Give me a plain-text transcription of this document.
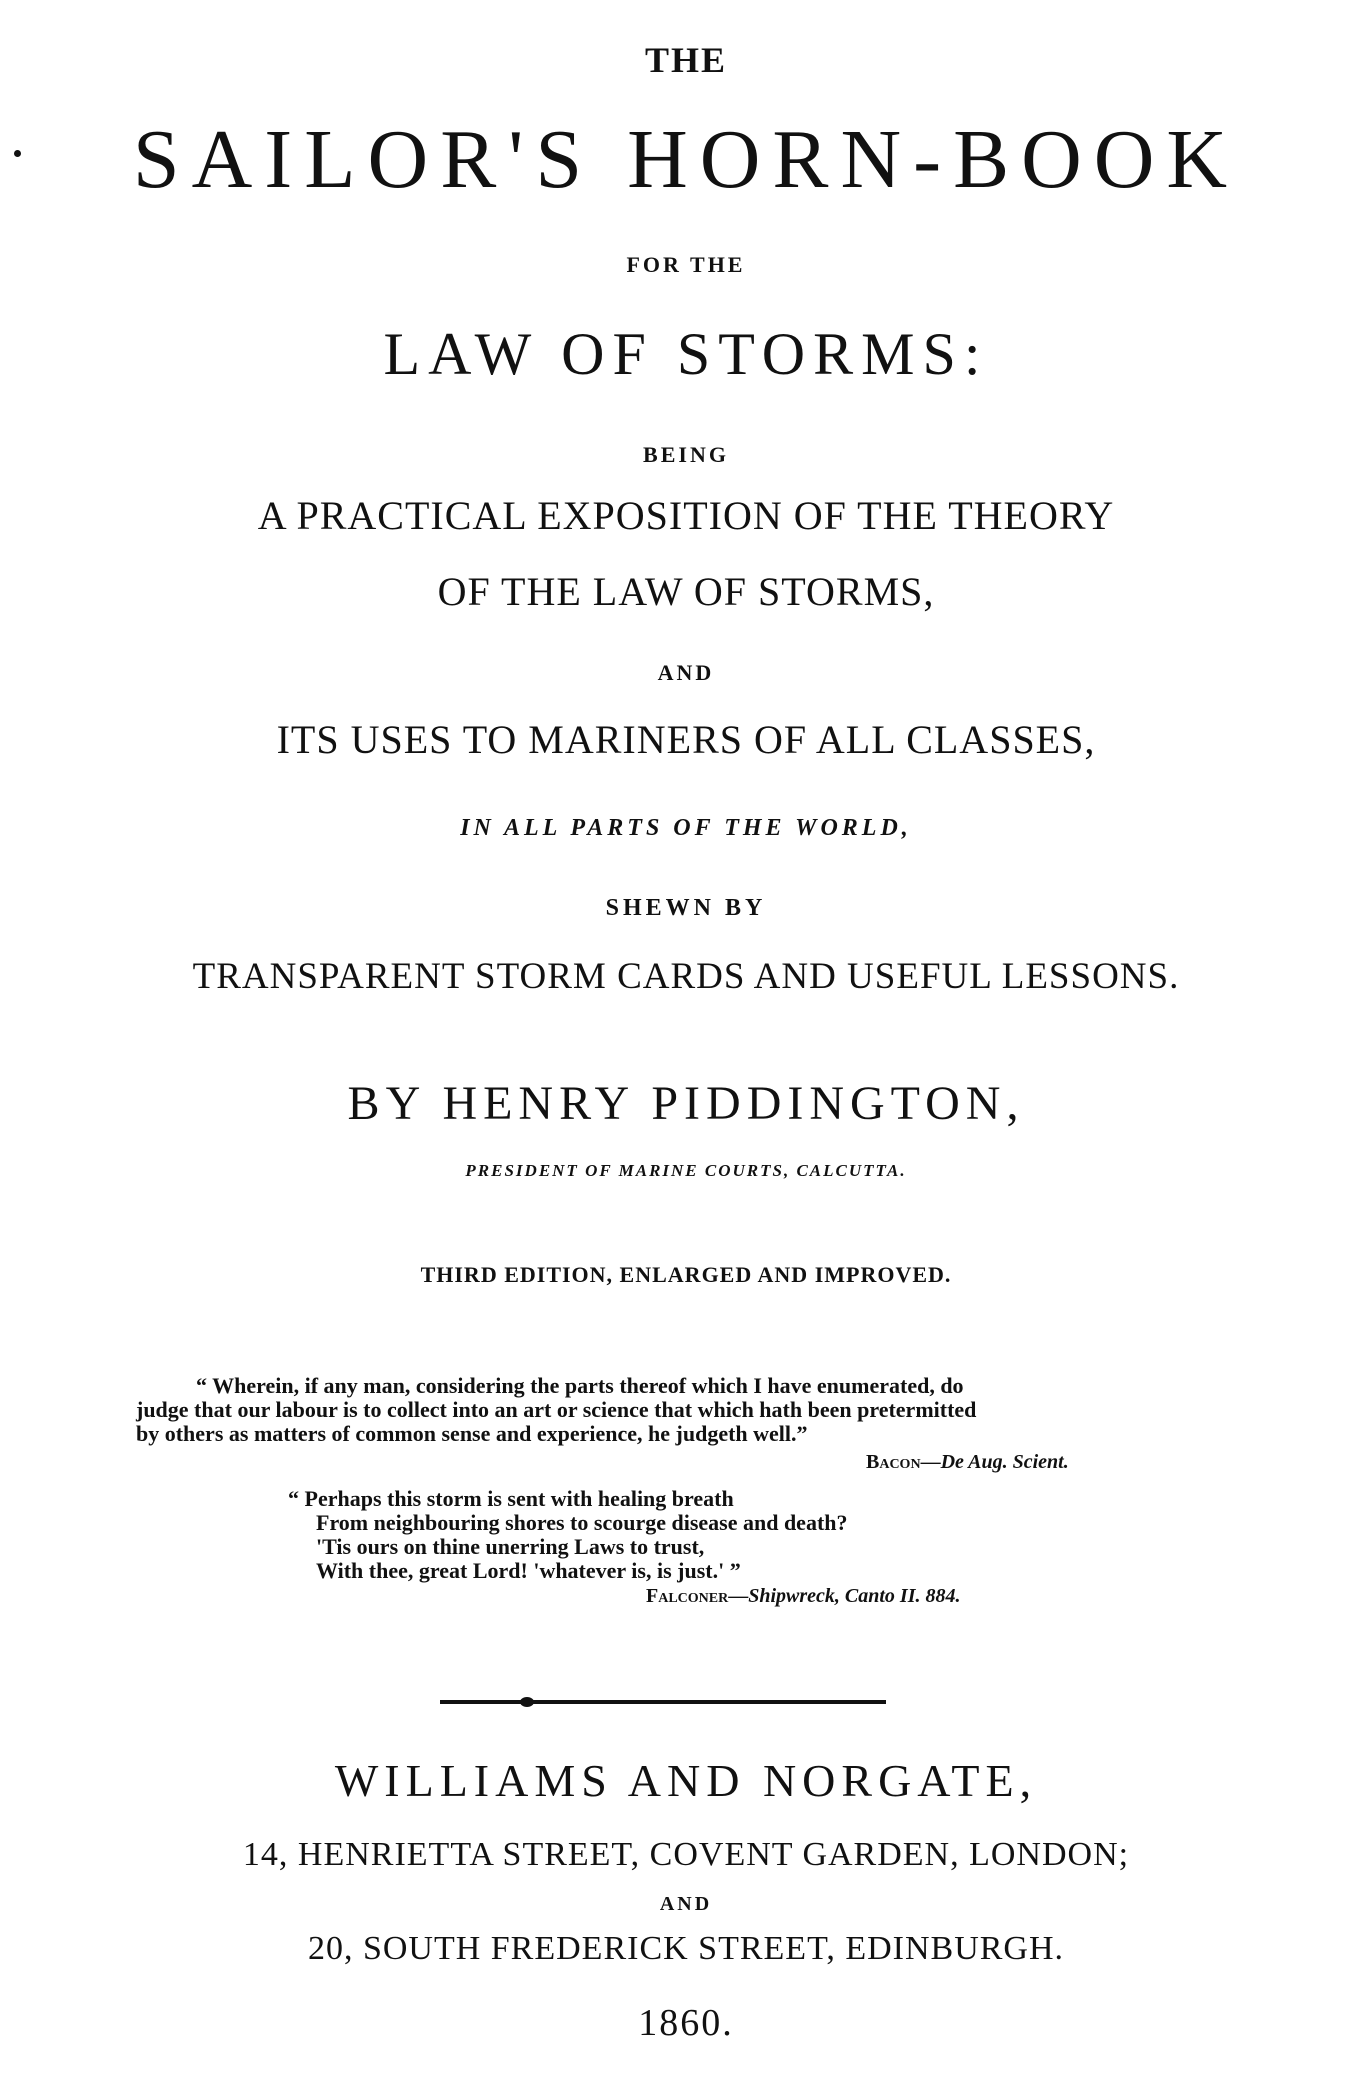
THE
SAILOR'S HORN-BOOK
FOR THE
LAW OF STORMS:
BEING
A PRACTICAL EXPOSITION OF THE THEORY
OF THE LAW OF STORMS,
AND
ITS USES TO MARINERS OF ALL CLASSES,
IN ALL PARTS OF THE WORLD,
SHEWN BY
TRANSPARENT STORM CARDS AND USEFUL LESSONS.
BY HENRY PIDDINGTON,
PRESIDENT OF MARINE COURTS, CALCUTTA.
THIRD EDITION, ENLARGED AND IMPROVED.
“ Wherein, if any man, considering the parts thereof which I have enumerated, do
judge that our labour is to collect into an art or science that which hath been pretermitted
by others as matters of common sense and experience, he judgeth well.”
Bacon—De Aug. Scient.
“ Perhaps this storm is sent with healing breath
From neighbouring shores to scourge disease and death?
'Tis ours on thine unerring Laws to trust,
With thee, great Lord! 'whatever is, is just.' ”
Falconer—Shipwreck, Canto II. 884.
WILLIAMS AND NORGATE,
14, HENRIETTA STREET, COVENT GARDEN, LONDON;
AND
20, SOUTH FREDERICK STREET, EDINBURGH.
1860.
